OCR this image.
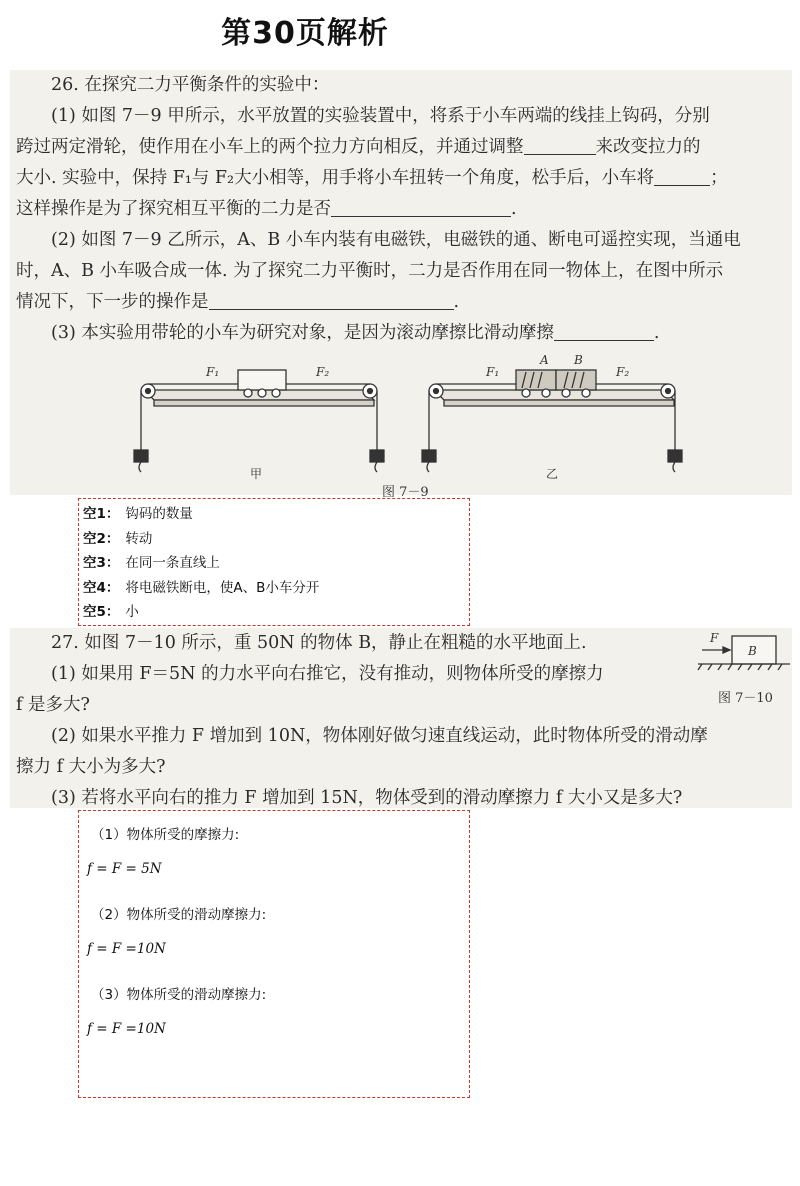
第30页解析

26. 在探究二力平衡条件的实验中：

(1) 如图 7－9 甲所示，水平放置的实验装置中，将系于小车两端的线挂上钩码，分别

跨过两定滑轮，使作用在小车上的两个拉力方向相反，并通过调整	来改变拉力的

大小. 实验中，保持 F₁与 F₂大小相等，用手将小车扭转一个角度，松手后，小车将	；

这样操作是为了探究相互平衡的二力是否	.

(2) 如图 7－9 乙所示，A、B 小车内装有电磁铁，电磁铁的通、断电可遥控实现，当通电

时，A、B 小车吸合成一体. 为了探究二力平衡时，二力是否作用在同一物体上，在图中所示

情况下，下一步的操作是	.

(3) 本实验用带轮的小车为研究对象，是因为滚动摩擦比滑动摩擦	.

F₁	F₂	F₁	F₂
A B
甲	乙
图 7－9
空1： 钩码的数量
空2： 转动
空3： 在同一条直线上
空4： 将电磁铁断电，使A、B小车分开
空5： 小

27. 如图 7－10 所示，重 50N 的物体 B，静止在粗糙的水平地面上.

(1) 如果用 F＝5N 的力水平向右推它，没有推动，则物体所受的摩擦力

f 是多大?

(2) 如果水平推力 F 增加到 10N，物体刚好做匀速直线运动，此时物体所受的滑动摩

擦力 f 大小为多大?

(3) 若将水平向右的推力 F 增加到 15N，物体受到的滑动摩擦力 f 大小又是多大?

F
B
图 7－10
（1）物体所受的摩擦力:
f = F = 5N
（2）物体所受的滑动摩擦力:
f = F =10N
（3）物体所受的滑动摩擦力:
f = F =10N
